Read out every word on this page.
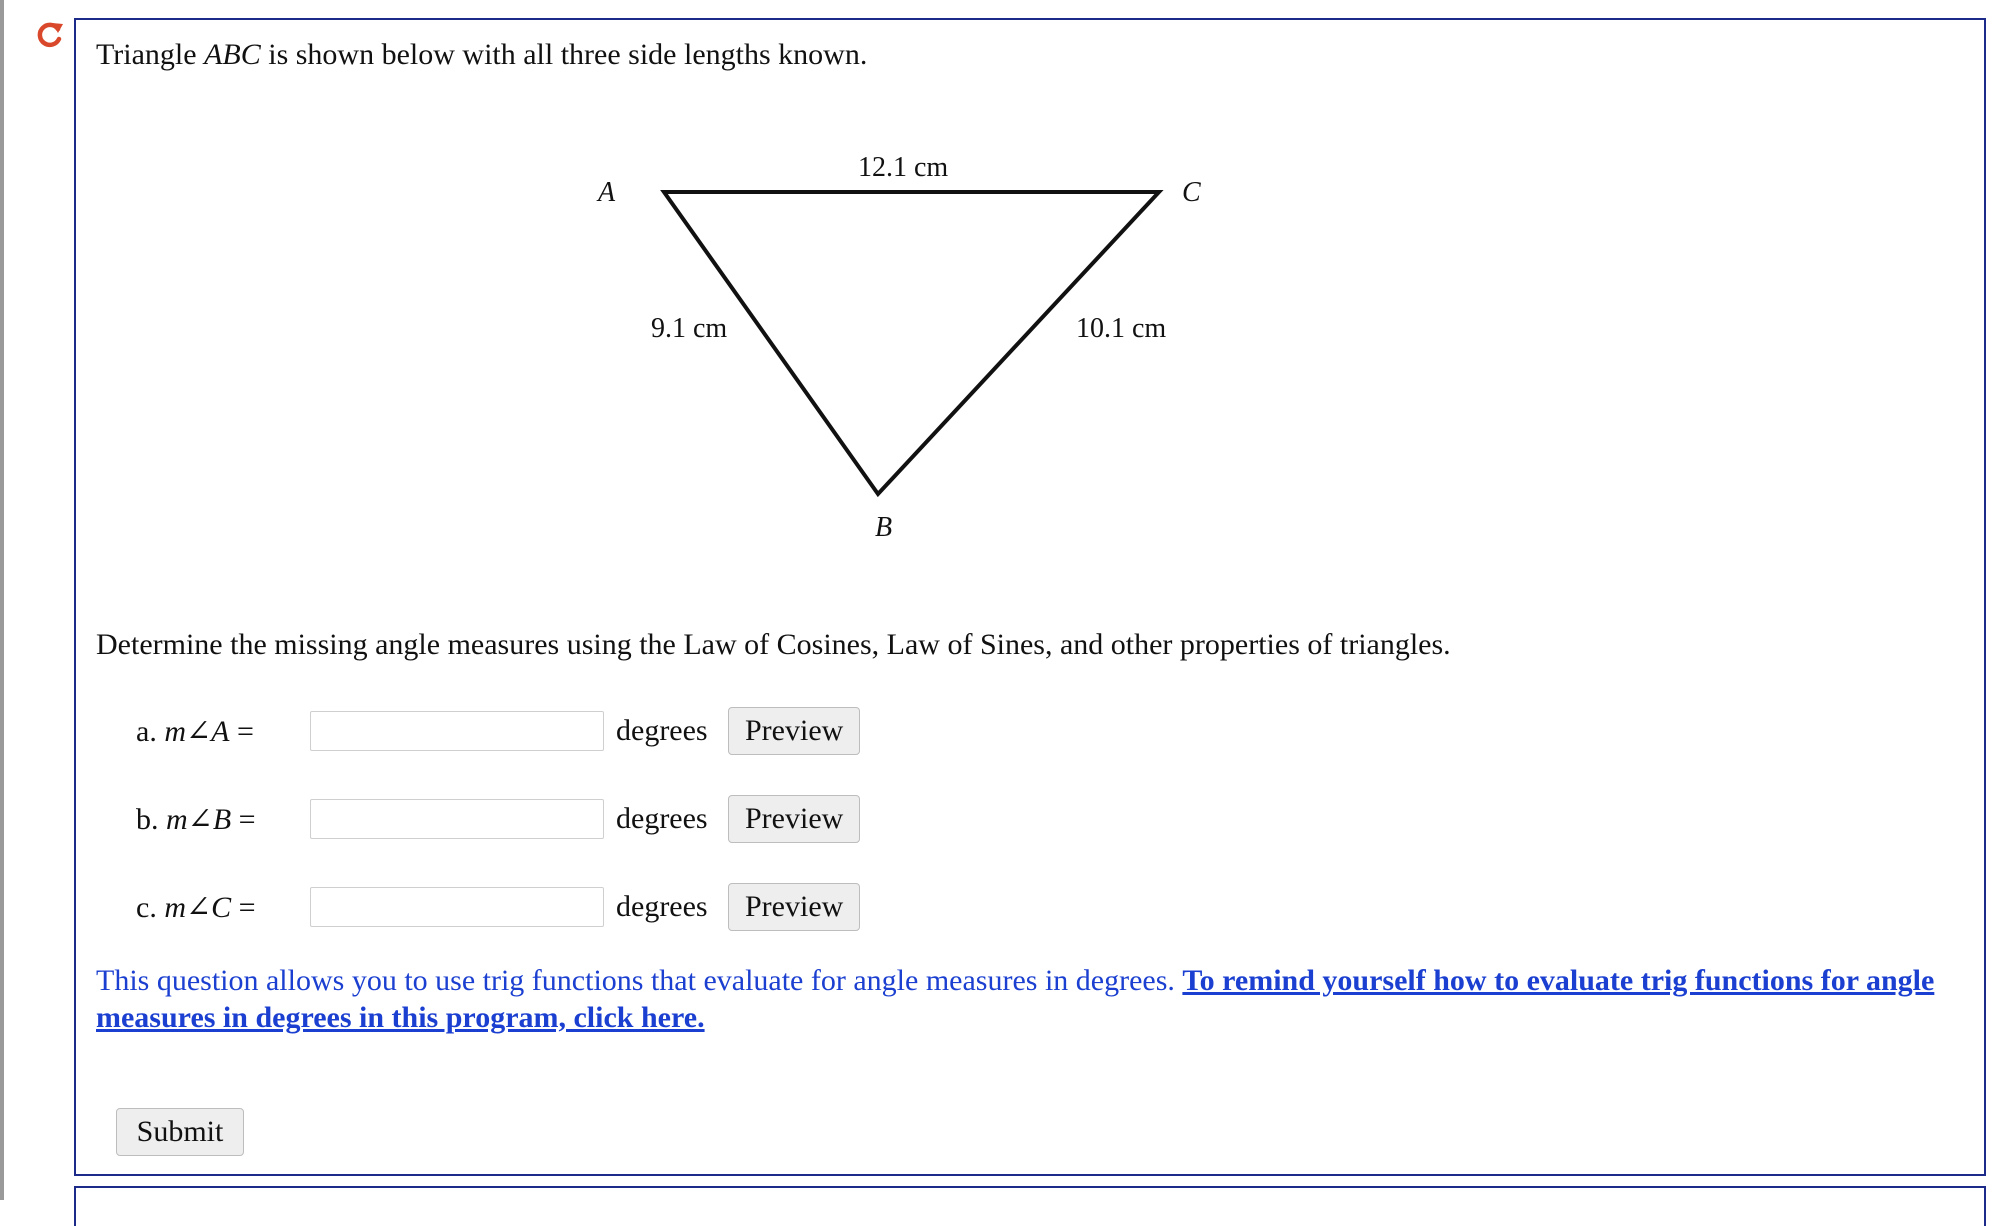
Triangle ABC is shown below with all three side lengths known.
12.1 cm
A	C
9.1 cm	10.1 cm
B
Determine the missing angle measures using the Law of Cosines, Law of Sines, and other properties of triangles.
a. m∠A =	degrees	Preview
b. m∠B =	degrees	Preview
c. m∠C =	degrees	Preview
This question allows you to use trig functions that evaluate for angle measures in degrees. To remind yourself how to evaluate trig functions for angle measures in degrees in this program, click here.
Submit
